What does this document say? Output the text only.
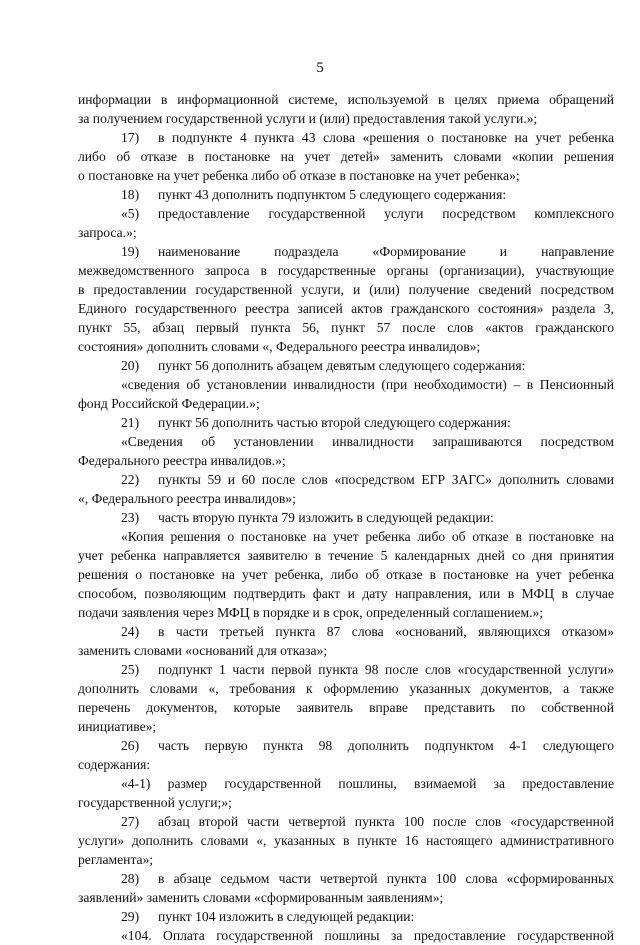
5
информации в информационной системе, используемой в целях приема обращений
за получением государственной услуги и (или) предоставления такой услуги.»;
17) в подпункте 4 пункта 43 слова «решения о постановке на учет ребенка
либо об отказе в постановке на учет детей» заменить словами «копии решения
о постановке на учет ребенка либо об отказе в постановке на учет ребенка»;
18) пункт 43 дополнить подпунктом 5 следующего содержания:
«5) предоставление государственной услуги посредством комплексного
запроса.»;
19) наименование подраздела «Формирование и направление
межведомственного запроса в государственные органы (организации), участвующие
в предоставлении государственной услуги, и (или) получение сведений посредством
Единого государственного реестра записей актов гражданского состояния» раздела 3,
пункт 55, абзац первый пункта 56, пункт 57 после слов «актов гражданского
состояния» дополнить словами «, Федерального реестра инвалидов»;
20) пункт 56 дополнить абзацем девятым следующего содержания:
«сведения об установлении инвалидности (при необходимости) – в Пенсионный
фонд Российской Федерации.»;
21) пункт 56 дополнить частью второй следующего содержания:
«Сведения об установлении инвалидности запрашиваются посредством
Федерального реестра инвалидов.»;
22) пункты 59 и 60 после слов «посредством ЕГР ЗАГС» дополнить словами
«, Федерального реестра инвалидов»;
23) часть вторую пункта 79 изложить в следующей редакции:
«Копия решения о постановке на учет ребенка либо об отказе в постановке на
учет ребенка направляется заявителю в течение 5 календарных дней со дня принятия
решения о постановке на учет ребенка, либо об отказе в постановке на учет ребенка
способом, позволяющим подтвердить факт и дату направления, или в МФЦ в случае
подачи заявления через МФЦ в порядке и в срок, определенный соглашением.»;
24) в части третьей пункта 87 слова «оснований, являющихся отказом»
заменить словами «оснований для отказа»;
25) подпункт 1 части первой пункта 98 после слов «государственной услуги»
дополнить словами «, требования к оформлению указанных документов, а также
перечень документов, которые заявитель вправе представить по собственной
инициативе»;
26) часть первую пункта 98 дополнить подпунктом 4-1 следующего
содержания:
«4-1) размер государственной пошлины, взимаемой за предоставление
государственной услуги;»;
27) абзац второй части четвертой пункта 100 после слов «государственной
услуги» дополнить словами «, указанных в пункте 16 настоящего административного
регламента»;
28) в абзаце седьмом части четвертой пункта 100 слова «сформированных
заявлений» заменить словами «сформированным заявлениям»;
29) пункт 104 изложить в следующей редакции:
«104. Оплата государственной пошлины за предоставление государственной
